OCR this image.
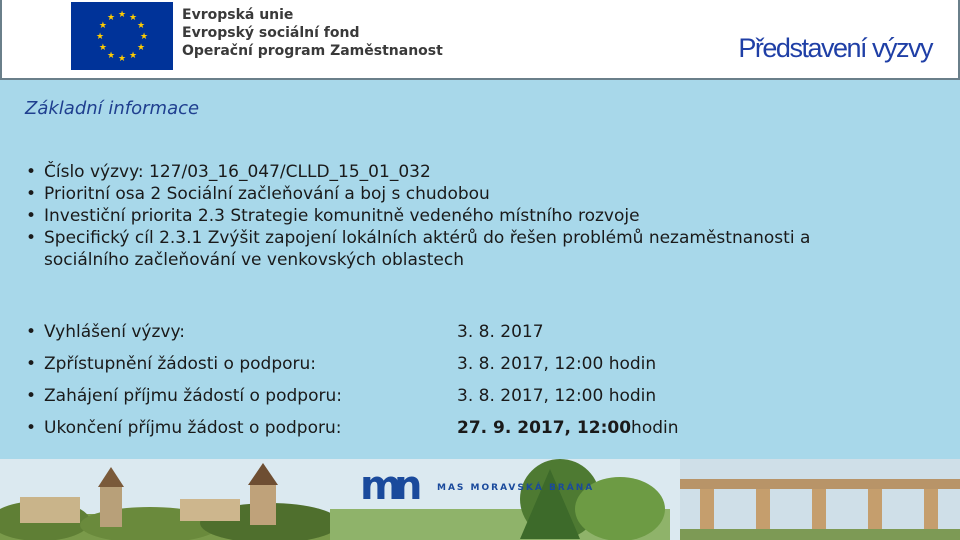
★ ★
★
★
★
★
★
★
★
★
★
★	Evropská unie
Evropský sociální fond
Operační program Zaměstnanost	Představení výzvy
Základní informace
• Číslo výzvy: 127/03_16_047/CLLD_15_01_032
• Prioritní osa 2 Sociální začleňování a boj s chudobou
• Investiční priorita 2.3 Strategie komunitně vedeného místního rozvoje
• Specifický cíl 2.3.1 Zvýšit zapojení lokálních aktérů do řešen problémů nezaměstnanosti a sociálního začleňování ve venkovských oblastech
• Vyhlášení výzvy:	3. 8. 2017
• Zpřístupnění žádosti o podporu:	3. 8. 2017, 12:00 hodin
• Zahájení příjmu žádostí o podporu:	3. 8. 2017, 12:00 hodin
• Ukončení příjmu žádost o podporu:	27. 9. 2017, 12:00hodin
m
n MAS MORAVSKÁ BRÁNA
